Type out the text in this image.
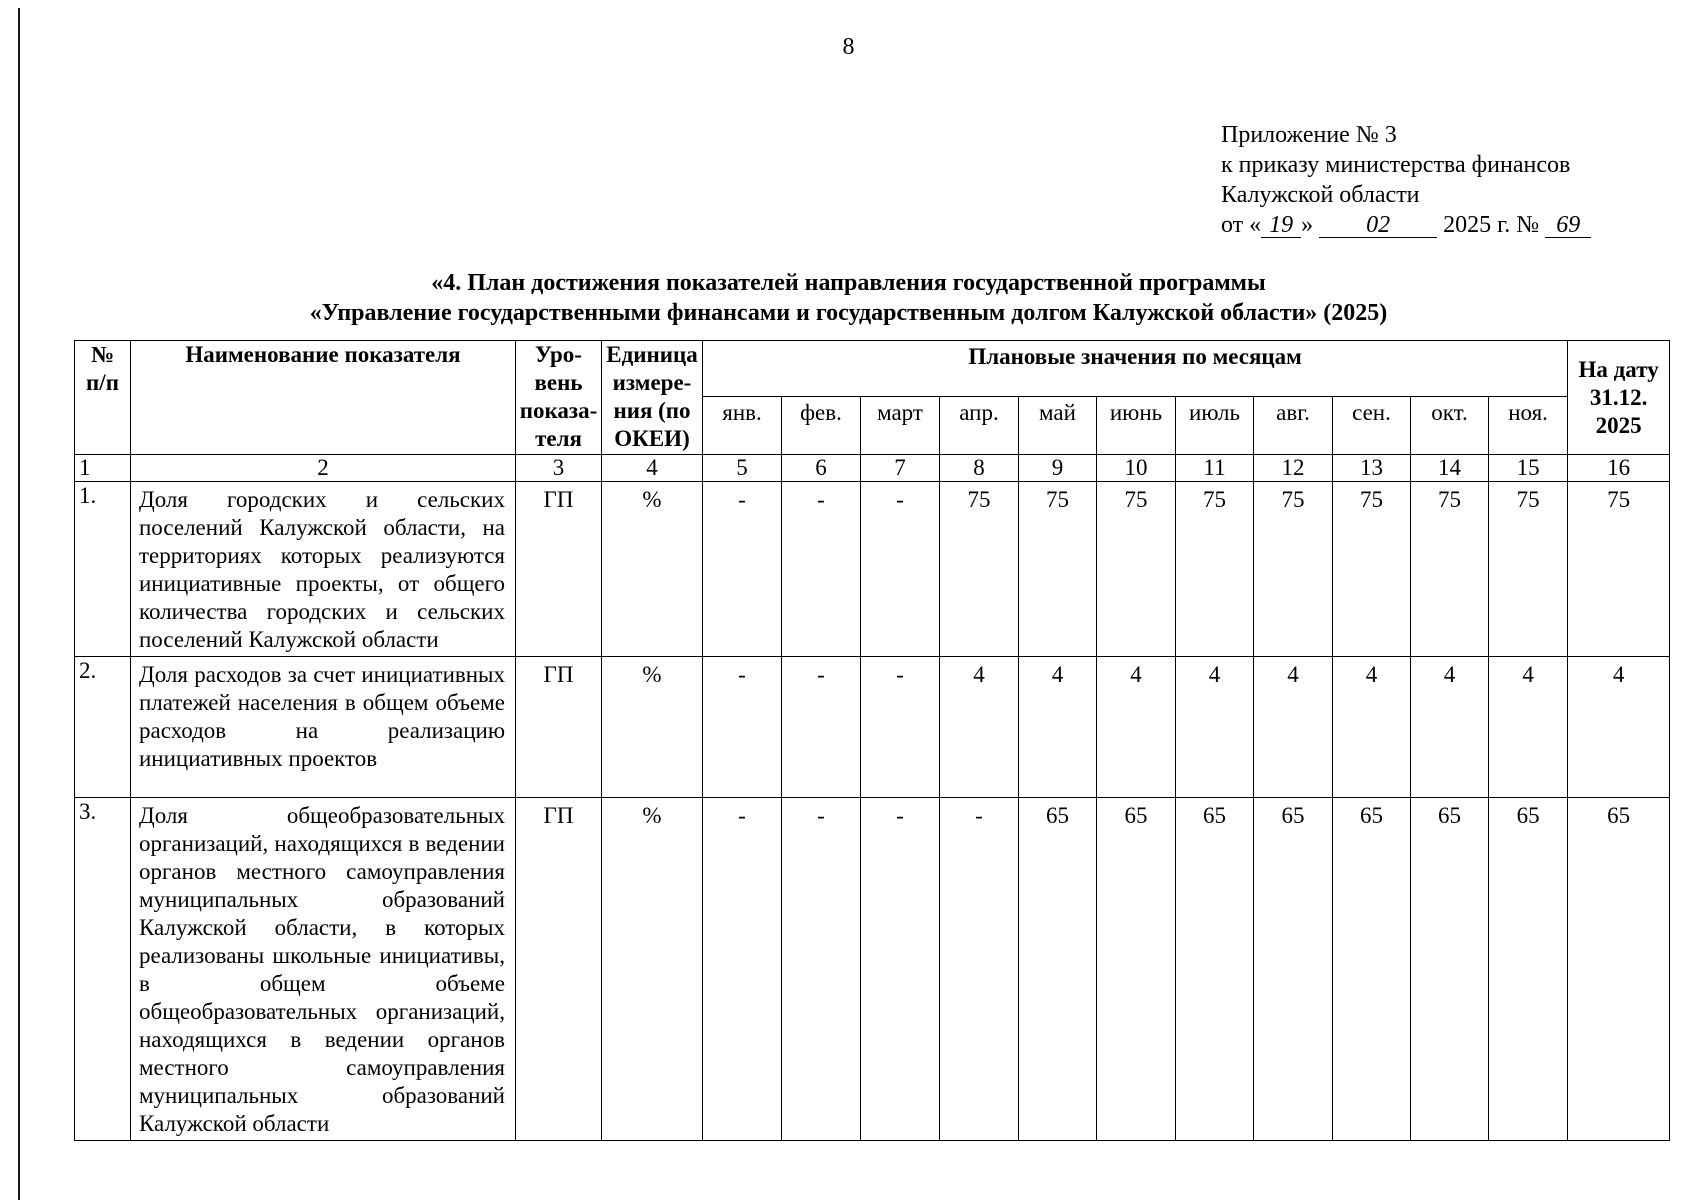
8
Приложение № 3
к приказу министерства финансов
Калужской области
от « 19 » 02 2025 г. № 69
«4. План достижения показателей направления государственной программы
«Управление государственными финансами и государственным долгом Калужской области» (2025)
№ п/п	Наименование показателя	Уро-вень показа-теля	Единица измере-ния (по ОКЕИ)	Плановые значения по месяцам											На дату 31.12. 2025
				янв.	фев.	март	апр.	май	июнь	июль	авг.	сен.	окт.	ноя.	
1	2	3	4	5	6	7	8	9	10	11	12	13	14	15	16
1.	Доля городских и сельских поселений Калужской области, на территориях которых реализуются инициативные проекты, от общего количества городских и сельских поселений Калужской области	ГП	%	-	-	-	75	75	75	75	75	75	75	75	75
2.	Доля расходов за счет инициативных платежей населения в общем объеме расходов на реализацию инициативных проектов	ГП	%	-	-	-	4	4	4	4	4	4	4	4	4
3.	Доля общеобразовательных организаций, находящихся в ведении органов местного самоуправления муниципальных образований Калужской области, в которых реализованы школьные инициативы, в общем объеме общеобразовательных организаций, находящихся в ведении органов местного самоуправления муниципальных образований Калужской области	ГП	%	-	-	-	-	65	65	65	65	65	65	65	65
